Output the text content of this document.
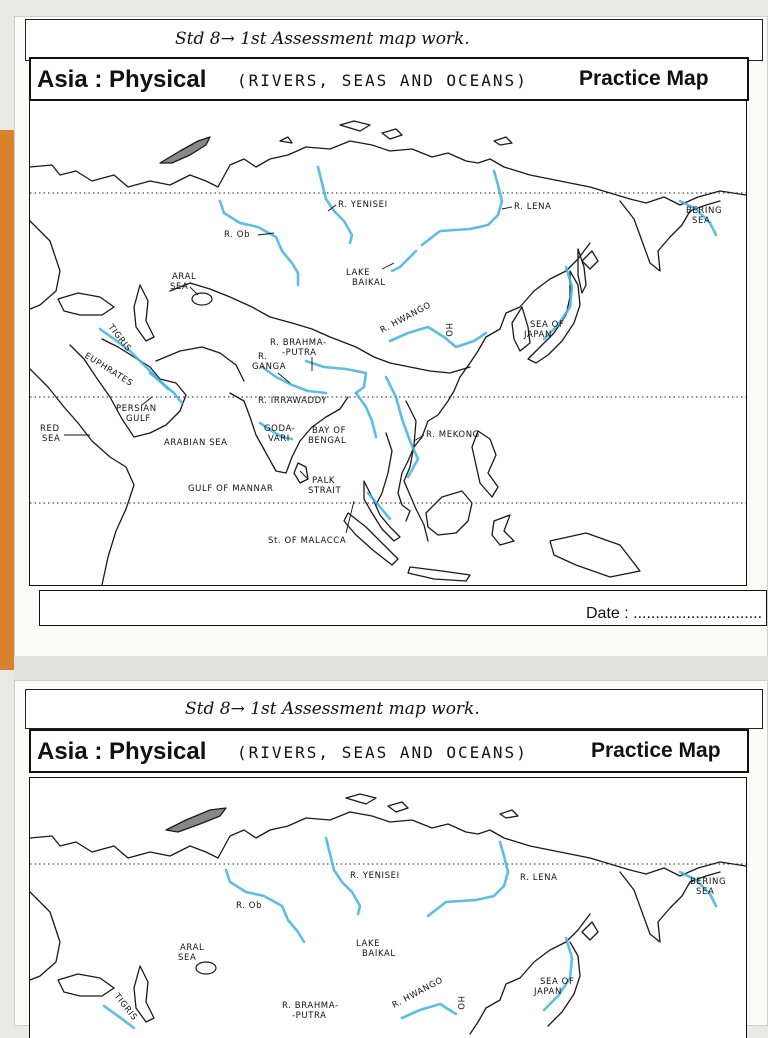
Std 8→ 1st Assessment map work.
Asia : Physical (RIVERS, SEAS AND OCEANS) Practice Map
R. YENISEI	R. LENA	BERING
SEA
R. Ob
LAKE
BAIKAL
ARAL
SEA
R. HWANGO HO	SEA OF
JAPAN
TIGRIS	R. BRAHMA-
-PUTRA
R.
GANGA
EUPHRATES
R. IRRAWADDY
PERSIAN
GULF
RED
SEA
GODA-
VARI
BAY OF
BENGAL
R. MEKONG
ARABIAN SEA
PALK
STRAIT
GULF OF MANNAR
St. OF MALACCA
Date : .............................
Std 8→ 1st Assessment map work.
Asia : Physical (RIVERS, SEAS AND OCEANS)	Practice Map
R. YENISEI	R. LENA	BERING
SEA
R. Ob
LAKE
BAIKAL
ARAL
SEA
R. HWANGO HO
SEA OF
JAPAN
TIGRIS	R. BRAHMA-
-PUTRA
